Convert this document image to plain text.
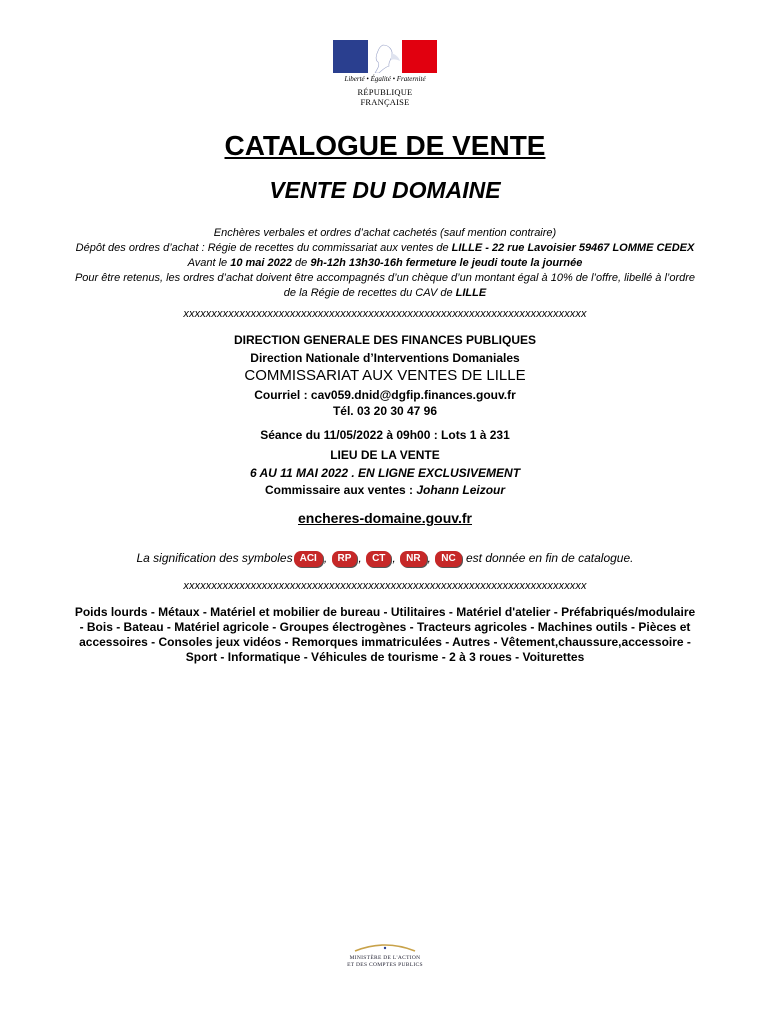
Liberté • Égalité • Fraternité
RÉPUBLIQUE FRANÇAISE
CATALOGUE DE VENTE
VENTE DU DOMAINE
Enchères verbales et ordres d’achat cachetés (sauf mention contraire)
Dépôt des ordres d’achat : Régie de recettes du commissariat aux ventes de LILLE - 22 rue Lavoisier 59467 LOMME CEDEX
Avant le 10 mai 2022 de 9h-12h 13h30-16h fermeture le jeudi toute la journée
Pour être retenus, les ordres d’achat doivent être accompagnés d’un chèque d’un montant égal à 10% de l’offre, libellé à l’ordre
de la Régie de recettes du CAV de LILLE
xxxxxxxxxxxxxxxxxxxxxxxxxxxxxxxxxxxxxxxxxxxxxxxxxxxxxxxxxxxxxxxxxxxxxxxx
DIRECTION GENERALE DES FINANCES PUBLIQUES
Direction Nationale d’Interventions Domaniales
COMMISSARIAT AUX VENTES DE LILLE
Courriel : cav059.dnid@dgfip.finances.gouv.fr
Tél. 03 20 30 47 96
Séance du 11/05/2022 à 09h00 : Lots 1 à 231
LIEU DE LA VENTE
6 AU 11 MAI 2022 . EN LIGNE EXCLUSIVEMENT
Commissaire aux ventes : Johann Leizour
encheres-domaine.gouv.fr
La signification des symboles ACI , RP , CT , NR , NC est donnée en fin de catalogue.
xxxxxxxxxxxxxxxxxxxxxxxxxxxxxxxxxxxxxxxxxxxxxxxxxxxxxxxxxxxxxxxxxxxxxxxx
Poids lourds - Métaux - Matériel et mobilier de bureau - Utilitaires - Matériel d'atelier - Préfabriqués/modulaire
- Bois - Bateau - Matériel agricole - Groupes électrogènes - Tracteurs agricoles - Machines outils - Pièces et
accessoires - Consoles jeux vidéos - Remorques immatriculées - Autres - Vêtement,chaussure,accessoire -
Sport - Informatique - Véhicules de tourisme - 2 à 3 roues - Voiturettes
MINISTÈRE DE L'ACTION
ET DES COMPTES PUBLICS
